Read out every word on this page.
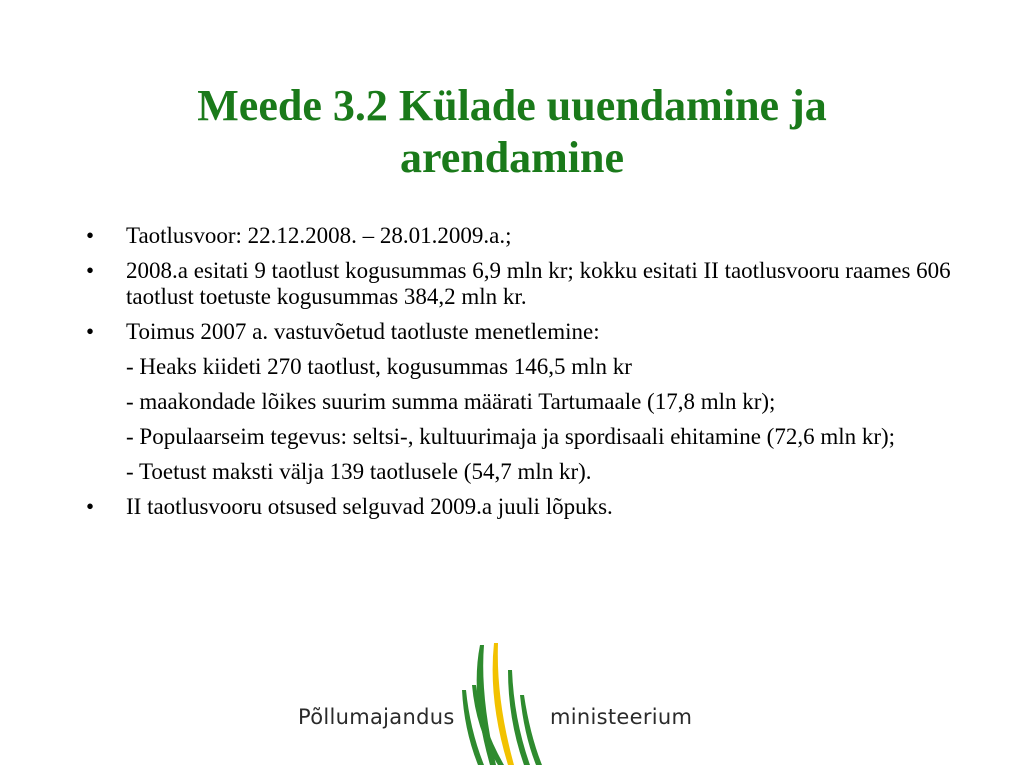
Meede 3.2 Külade uuendamine ja arendamine
•	Taotlusvoor: 22.12.2008. – 28.01.2009.a.;
•	2008.a esitati 9 taotlust kogusummas 6,9 mln kr; kokku esitati II taotlusvooru raames 606 taotlust toetuste kogusummas 384,2 mln kr.
•	Toimus 2007 a. vastuvõetud taotluste menetlemine:
- Heaks kiideti 270 taotlust, kogusummas 146,5 mln kr
- maakondade lõikes suurim summa määrati Tartumaale (17,8 mln kr);
- Populaarseim tegevus: seltsi-, kultuurimaja ja spordisaali ehitamine (72,6 mln kr);
- Toetust maksti välja 139 taotlusele (54,7 mln kr).
•	II taotlusvooru otsused selguvad 2009.a juuli lõpuks.
Põllumajandus	ministeerium
